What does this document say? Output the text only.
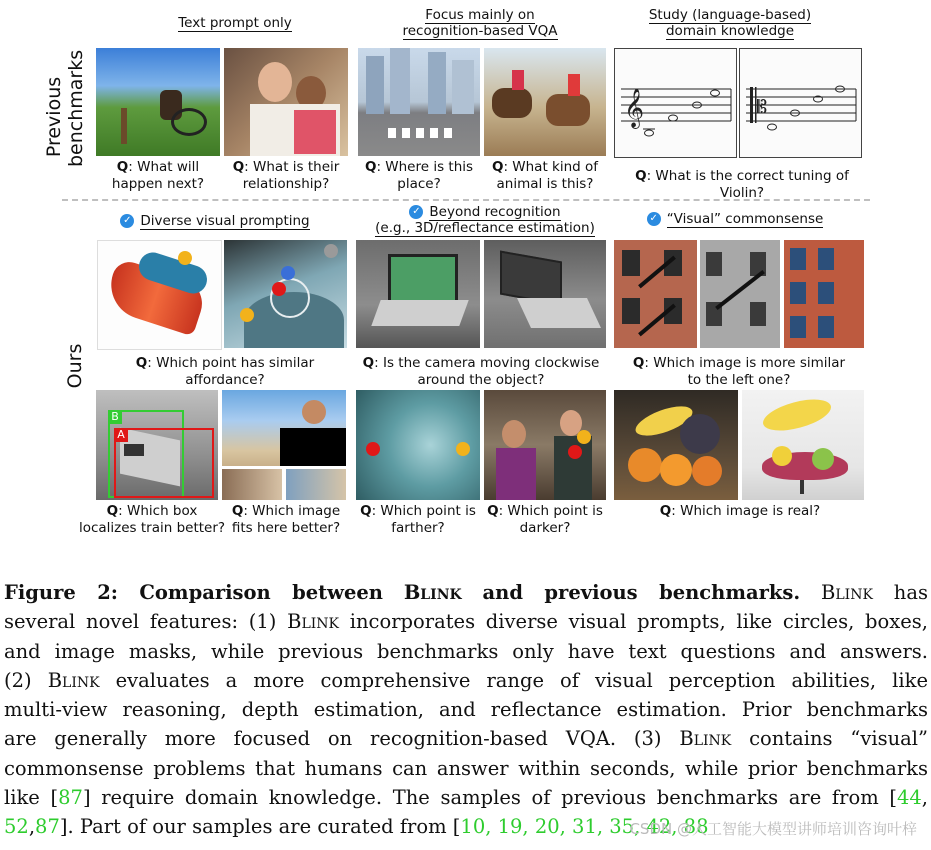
Previous
benchmarks
Ours
Text prompt only	Focus mainly on
recognition-based VQA
Study (language-based)
domain knowledge
𝄞	𝄡
Q: What will
happen next?
Q: What is their
relationship?
Q: Where is this
place?
Q: What kind of
animal is this?	Q: What is the correct tuning of Violin?
✓ Diverse visual prompting
✓ Beyond recognition
(e.g., 3D/reflectance estimation)
✓ “Visual” commonsense
Q: Which point has similar
affordance?
Q: Is the camera moving clockwise
around the object?
Q: Which image is more similar
to the left one?
B
A
Q: Which box
localizes train better?
Q: Which image
fits here better?
Q: Which point is
farther?
Q: Which point is
darker?
Q: Which image is real?
Figure 2: Comparison between Blink and previous benchmarks. Blink has
several novel features: (1) Blink incorporates diverse visual prompts, like circles, boxes,
and image masks, while previous benchmarks only have text questions and answers.
(2) Blink evaluates a more comprehensive range of visual perception abilities, like
multi-view reasoning, depth estimation, and reflectance estimation. Prior benchmarks
are generally more focused on recognition-based VQA. (3) Blink contains “visual”
commonsense problems that humans can answer within seconds, while prior benchmarks
like [87] require domain knowledge. The samples of previous benchmarks are from [44,
52,87]. Part of our samples are curated from [10, 19, 20, 31, 35, 42, 88
CSDN @人工智能大模型讲师培训咨询叶梓
